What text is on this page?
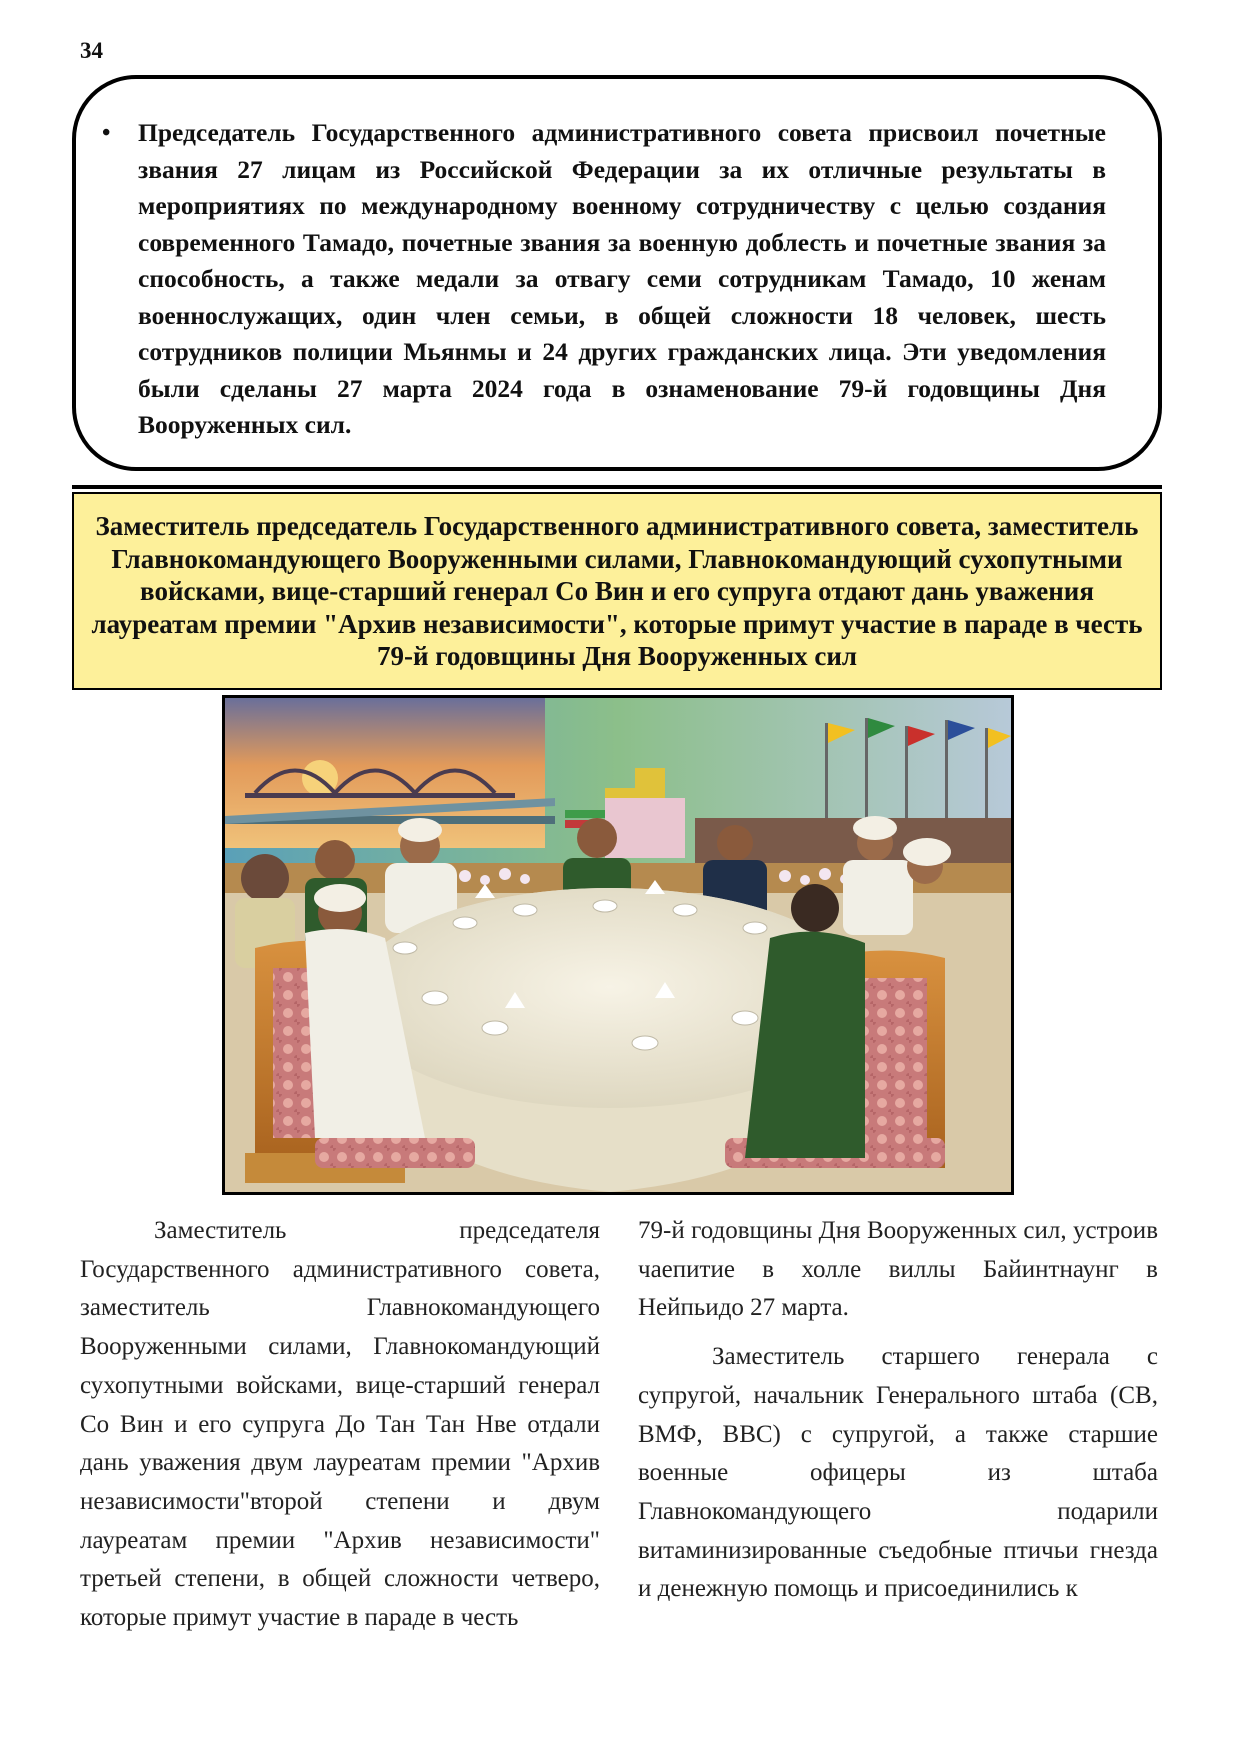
34
• Председатель Государственного административного совета присвоил почетные звания 27 лицам из Российской Федерации за их отличные результаты в мероприятиях по международному военному сотрудничеству с целью создания современного Тамадо, почетные звания за военную доблесть и почетные звания за способность, а также медали за отвагу семи сотрудникам Тамадо, 10 женам военнослужащих, один член семьи, в общей сложности 18 человек, шесть сотрудников полиции Мьянмы и 24 других гражданских лица. Эти уведомления были сделаны 27 марта 2024 года в ознаменование 79-й годовщины Дня Вооруженных сил.
Заместитель председатель Государственного административного совета, заместитель Главнокомандующего Вооруженными силами, Главнокомандующий сухопутными войсками, вице-старший генерал Со Вин и его супруга отдают дань уважения лауреатам премии "Архив независимости", которые примут участие в параде в честь 79-й годовщины Дня Вооруженных сил

Заместитель председателя Государственного административного совета, заместитель Главнокомандующего Вооруженными силами, Главнокомандующий сухопутными войсками, вице-старший генерал Со Вин и его супруга До Тан Тан Нве отдали дань уважения двум лауреатам премии "Архив независимости"второй степени и двум лауреатам премии "Архив независимости" третьей степени, в общей сложности четверо, которые примут участие в параде в честь

79-й годовщины Дня Вооруженных сил, устроив чаепитие в холле виллы Байинтнаунг в Нейпьидо 27 марта.

Заместитель старшего генерала с супругой, начальник Генерального штаба (СВ, ВМФ, ВВС) с супругой, а также старшие военные офицеры из штаба Главнокомандующего подарили витаминизированные съедобные птичьи гнезда и денежную помощь и присоединились к
